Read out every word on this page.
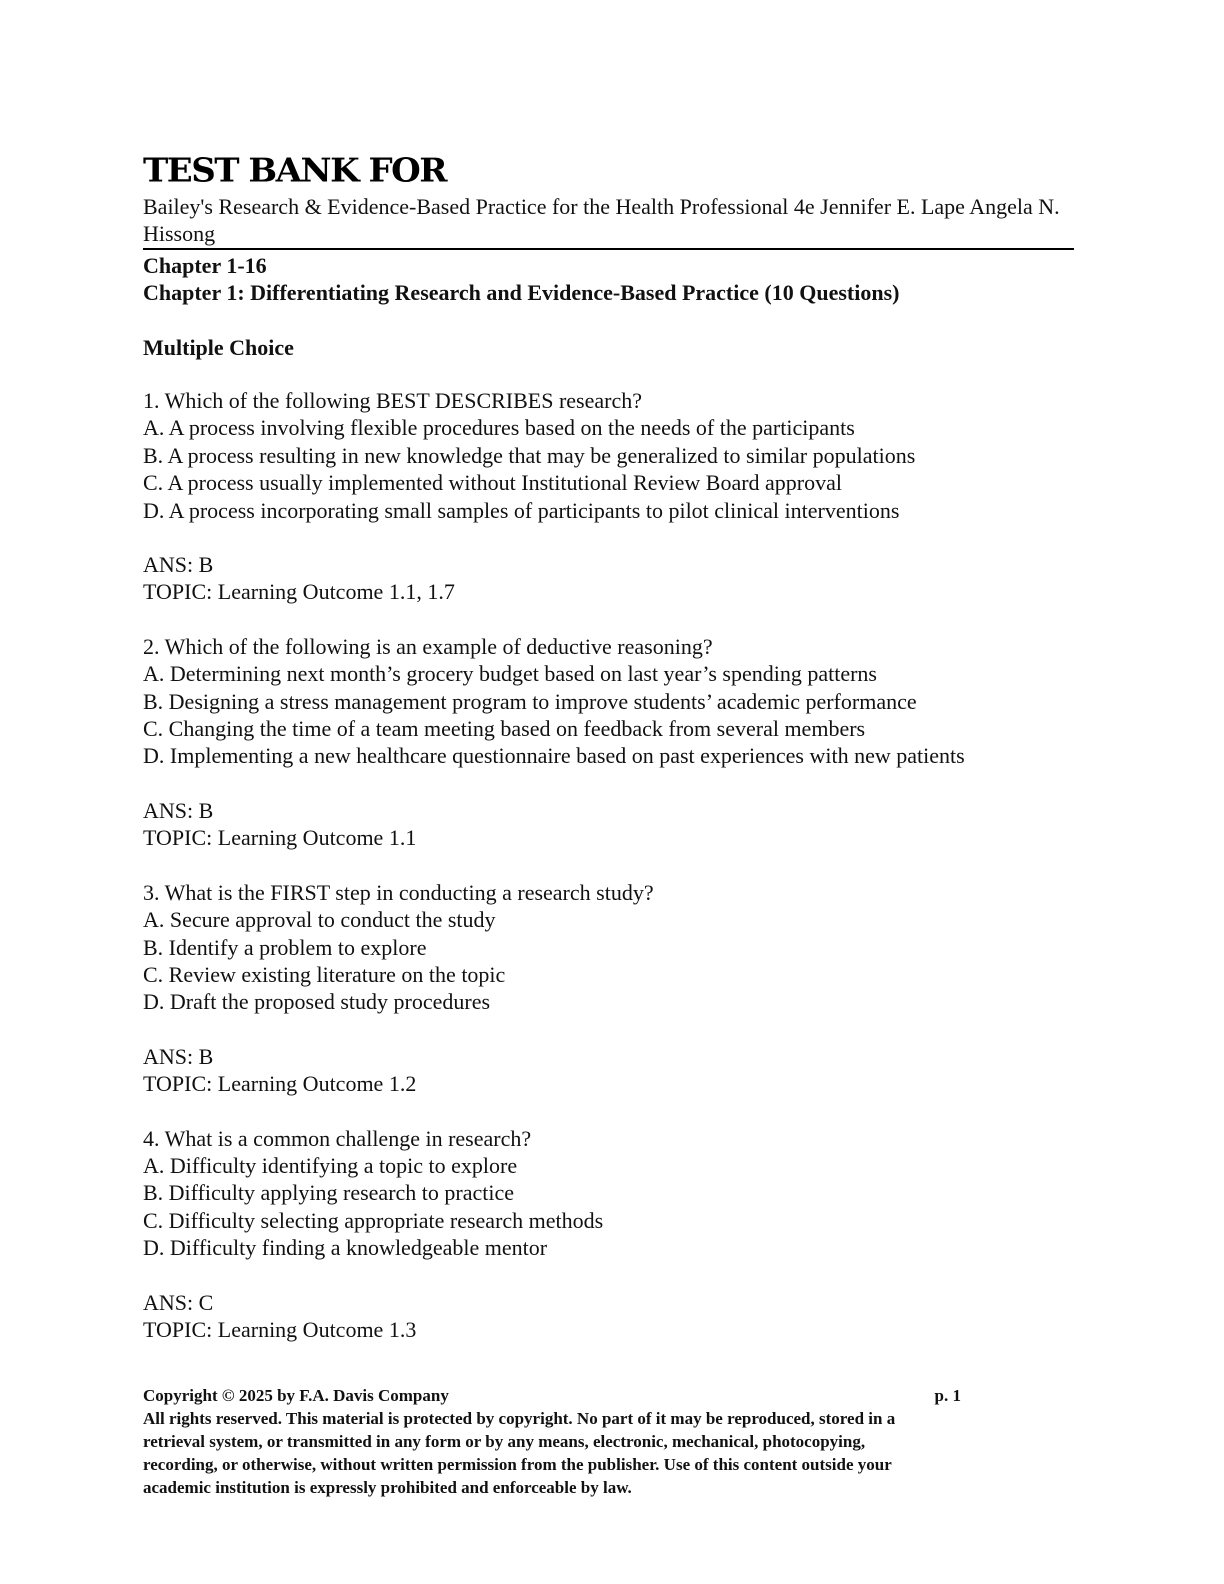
TEST BANK FOR

Bailey's Research & Evidence-Based Practice for the Health Professional 4e Jennifer E. Lape Angela N. Hissong

Chapter 1-16

Chapter 1: Differentiating Research and Evidence-Based Practice (10 Questions)

Multiple Choice

1. Which of the following BEST DESCRIBES research?
A. A process involving flexible procedures based on the needs of the participants
B. A process resulting in new knowledge that may be generalized to similar populations
C. A process usually implemented without Institutional Review Board approval
D. A process incorporating small samples of participants to pilot clinical interventions
ANS: B
TOPIC: Learning Outcome 1.1, 1.7
2. Which of the following is an example of deductive reasoning?
A. Determining next month’s grocery budget based on last year’s spending patterns
B. Designing a stress management program to improve students’ academic performance
C. Changing the time of a team meeting based on feedback from several members
D. Implementing a new healthcare questionnaire based on past experiences with new patients
ANS: B
TOPIC: Learning Outcome 1.1
3. What is the FIRST step in conducting a research study?
A. Secure approval to conduct the study
B. Identify a problem to explore
C. Review existing literature on the topic
D. Draft the proposed study procedures
ANS: B
TOPIC: Learning Outcome 1.2
4. What is a common challenge in research?
A. Difficulty identifying a topic to explore
B. Difficulty applying research to practice
C. Difficulty selecting appropriate research methods
D. Difficulty finding a knowledgeable mentor
ANS: C
TOPIC: Learning Outcome 1.3
Copyright © 2025 by F.A. Davis Company	p. 1
All rights reserved. This material is protected by copyright. No part of it may be reproduced, stored in a
retrieval system, or transmitted in any form or by any means, electronic, mechanical, photocopying,
recording, or otherwise, without written permission from the publisher. Use of this content outside your
academic institution is expressly prohibited and enforceable by law.
